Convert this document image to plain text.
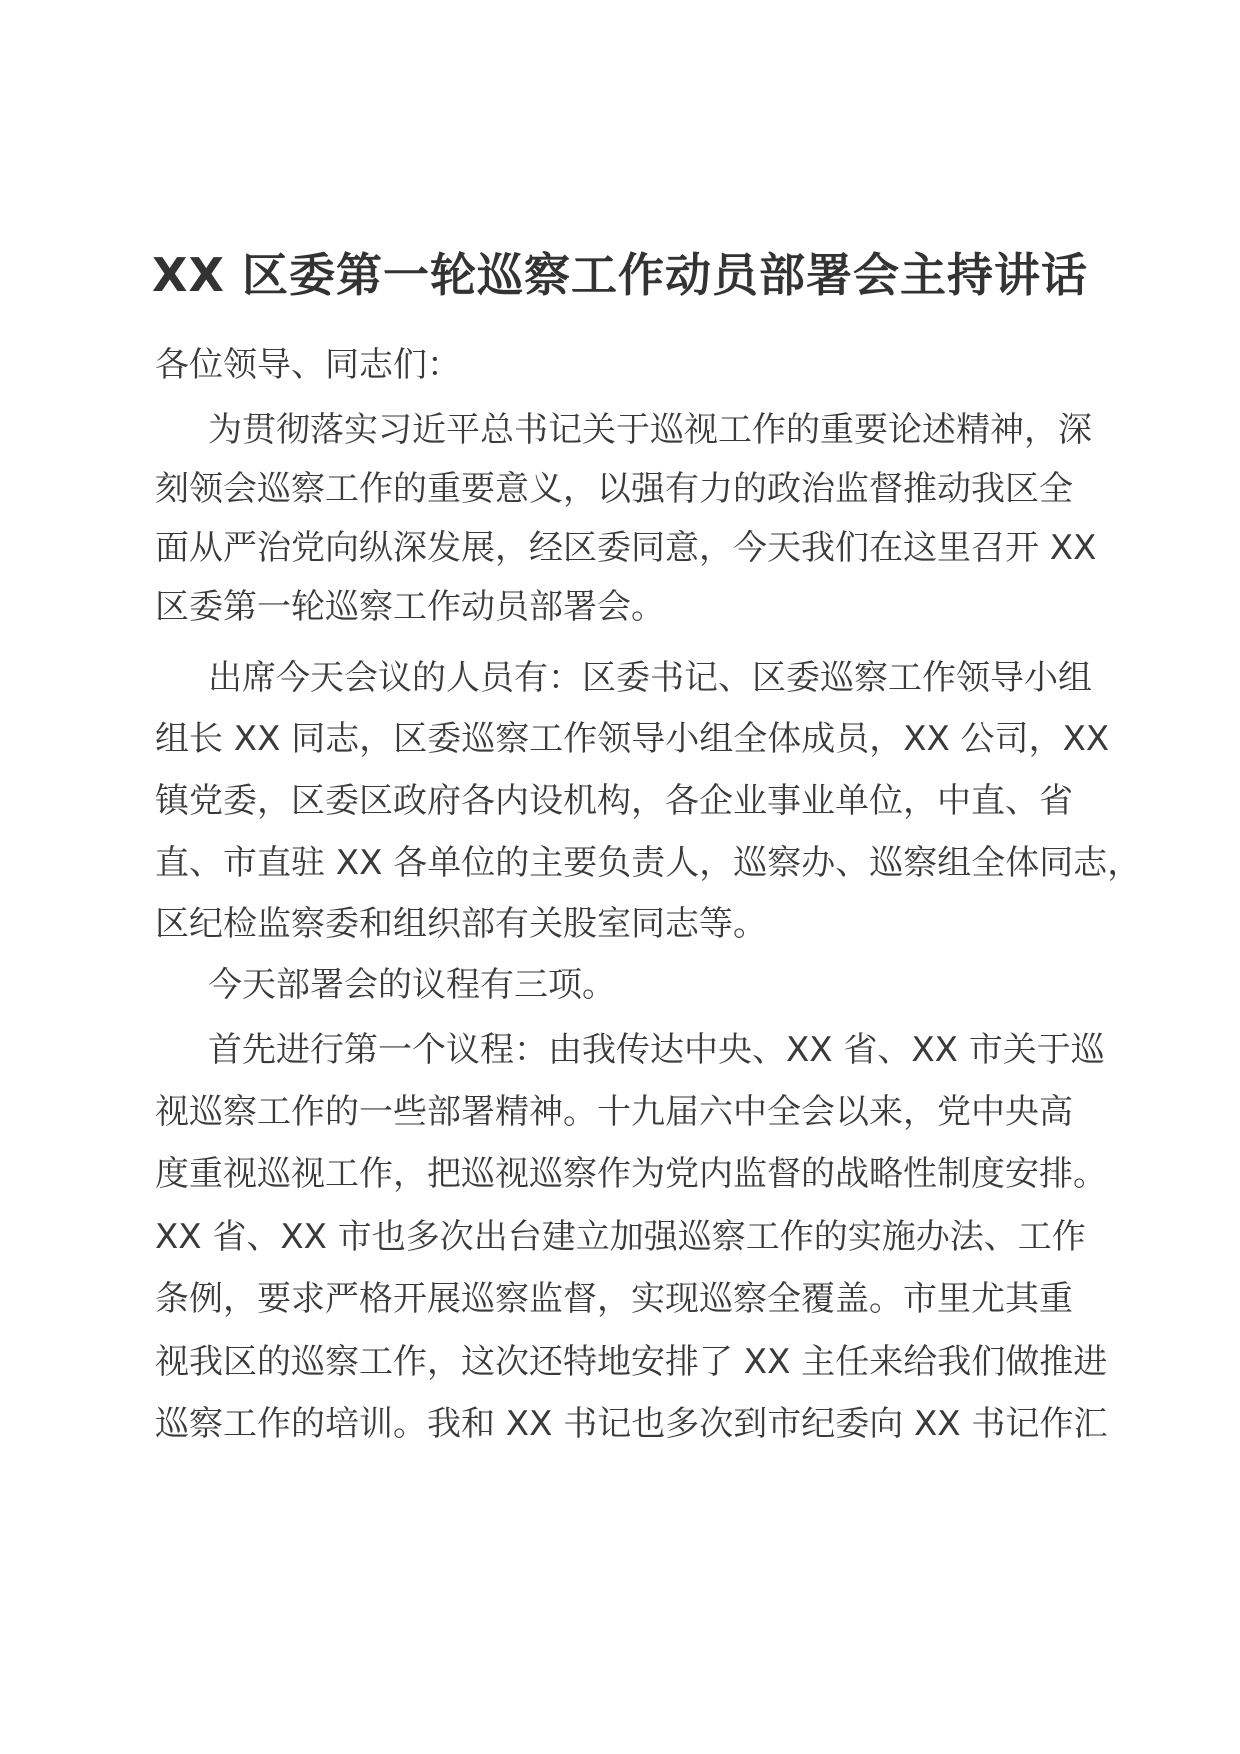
XX 区委第一轮巡察工作动员部署会主持讲话
各位领导、同志们：
为贯彻落实习近平总书记关于巡视工作的重要论述精神，深
刻领会巡察工作的重要意义，以强有力的政治监督推动我区全
面从严治党向纵深发展，经区委同意，今天我们在这里召开 XX
区委第一轮巡察工作动员部署会。
出席今天会议的人员有：区委书记、区委巡察工作领导小组
组长 XX 同志，区委巡察工作领导小组全体成员，XX 公司，XX
镇党委，区委区政府各内设机构，各企业事业单位，中直、省
直、市直驻 XX 各单位的主要负责人，巡察办、巡察组全体同志，
区纪检监察委和组织部有关股室同志等。
今天部署会的议程有三项。
首先进行第一个议程：由我传达中央、XX 省、XX 市关于巡
视巡察工作的一些部署精神。十九届六中全会以来，党中央高
度重视巡视工作，把巡视巡察作为党内监督的战略性制度安排。
XX 省、XX 市也多次出台建立加强巡察工作的实施办法、工作
条例，要求严格开展巡察监督，实现巡察全覆盖。市里尤其重
视我区的巡察工作，这次还特地安排了 XX 主任来给我们做推进
巡察工作的培训。我和 XX 书记也多次到市纪委向 XX 书记作汇
